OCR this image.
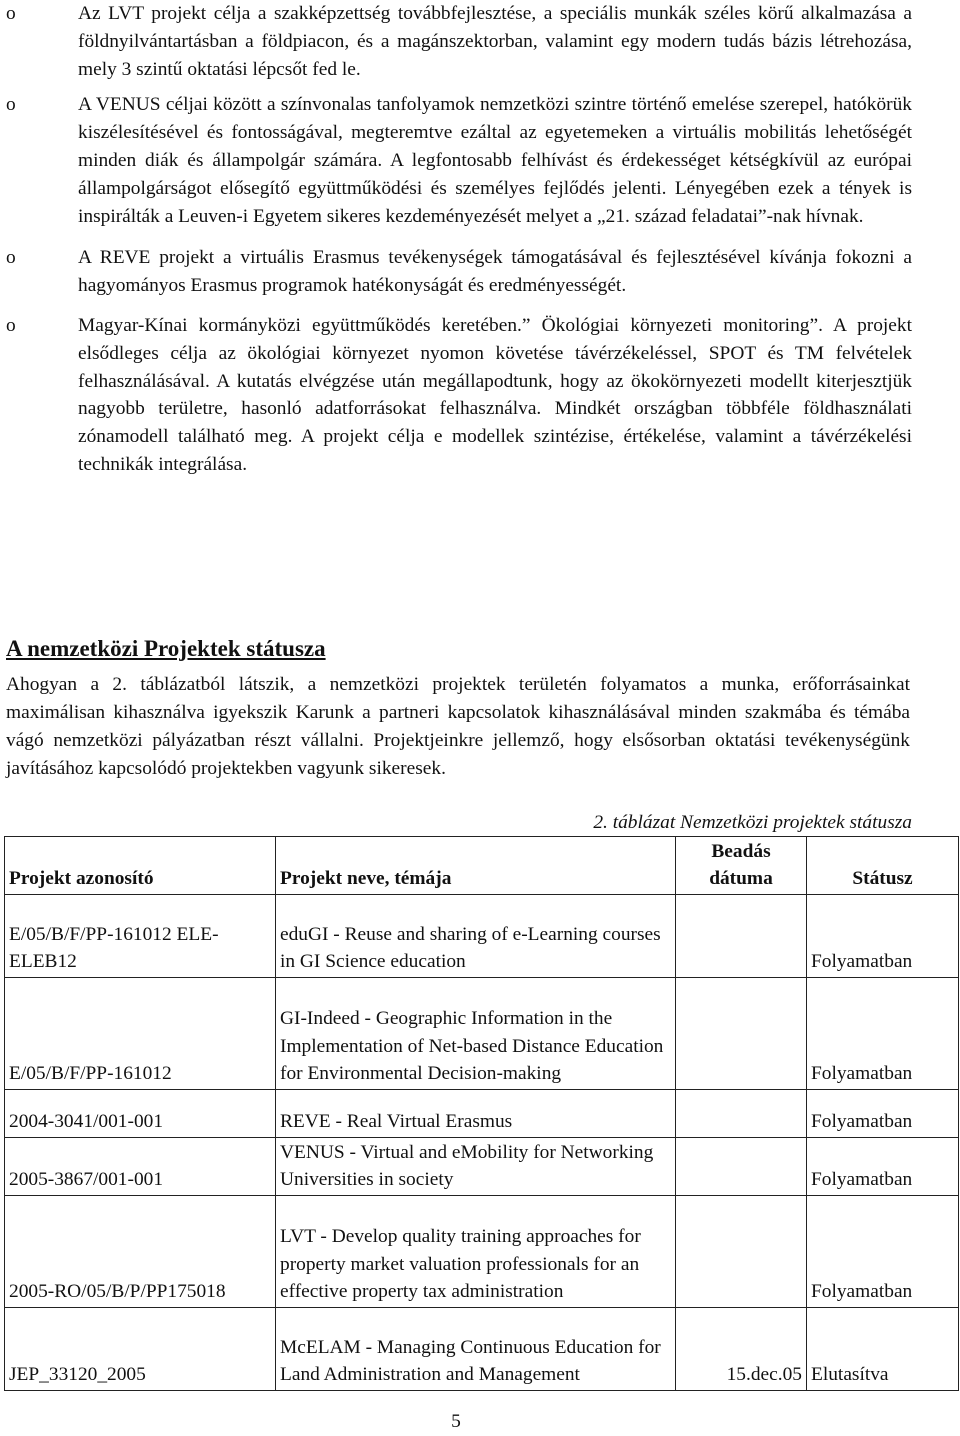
o	Az LVT projekt célja a szakképzettség továbbfejlesztése, a speciális munkák széles körű alkalmazása a földnyilvántartásban a földpiacon, és a magánszektorban, valamint egy modern tudás bázis létrehozása, mely 3 szintű oktatási lépcsőt fed le.
o	A VENUS céljai között a színvonalas tanfolyamok nemzetközi szintre történő emelése szerepel, hatókörük kiszélesítésével és fontosságával, megteremtve ezáltal az egyetemeken a virtuális mobilitás lehetőségét minden diák és állampolgár számára. A legfontosabb felhívást és érdekességet kétségkívül az európai állampolgárságot elősegítő együttműködési és személyes fejlődés jelenti. Lényegében ezek a tények is inspirálták a Leuven-i Egyetem sikeres kezdeményezését melyet a „21. század feladatai”-nak hívnak.
o	A REVE projekt a virtuális Erasmus tevékenységek támogatásával és fejlesztésével kívánja fokozni a hagyományos Erasmus programok hatékonyságát és eredményességét.
o	Magyar-Kínai kormányközi együttműködés keretében.” Ökológiai környezeti monitoring”. A projekt elsődleges célja az ökológiai környezet nyomon követése távérzékeléssel, SPOT és TM felvételek felhasználásával. A kutatás elvégzése után megállapodtunk, hogy az ökokörnyezeti modellt kiterjesztjük nagyobb területre, hasonló adatforrásokat felhasználva. Mindkét országban többféle földhasználati zónamodell található meg. A projekt célja e modellek szintézise, értékelése, valamint a távérzékelési technikák integrálása.
A nemzetközi Projektek státusza
Ahogyan a 2. táblázatból látszik, a nemzetközi projektek területén folyamatos a munka, erőforrásainkat maximálisan kihasználva igyekszik Karunk a partneri kapcsolatok kihasználásával minden szakmába és témába vágó nemzetközi pályázatban részt vállalni. Projektjeinkre jellemző, hogy elsősorban oktatási tevékenységünk javításához kapcsolódó projektekben vagyunk sikeresek.
2. táblázat Nemzetközi projektek státusza
Projekt azonosító	Projekt neve, témája	Beadás dátuma	Státusz
E/05/B/F/PP-161012 ELE-ELEB12	eduGI - Reuse and sharing of e-Learning courses in GI Science education		Folyamatban
E/05/B/F/PP-161012	GI-Indeed - Geographic Information in the Implementation of Net-based Distance Education for Environmental Decision-making		Folyamatban
2004-3041/001-001	REVE - Real Virtual Erasmus		Folyamatban
2005-3867/001-001	VENUS - Virtual and eMobility for Networking Universities in society		Folyamatban
2005-RO/05/B/P/PP175018	LVT - Develop quality training approaches for property market valuation professionals for an effective property tax administration		Folyamatban
JEP_33120_2005	McELAM - Managing Continuous Education for Land Administration and Management	15.dec.05	Elutasítva
5
